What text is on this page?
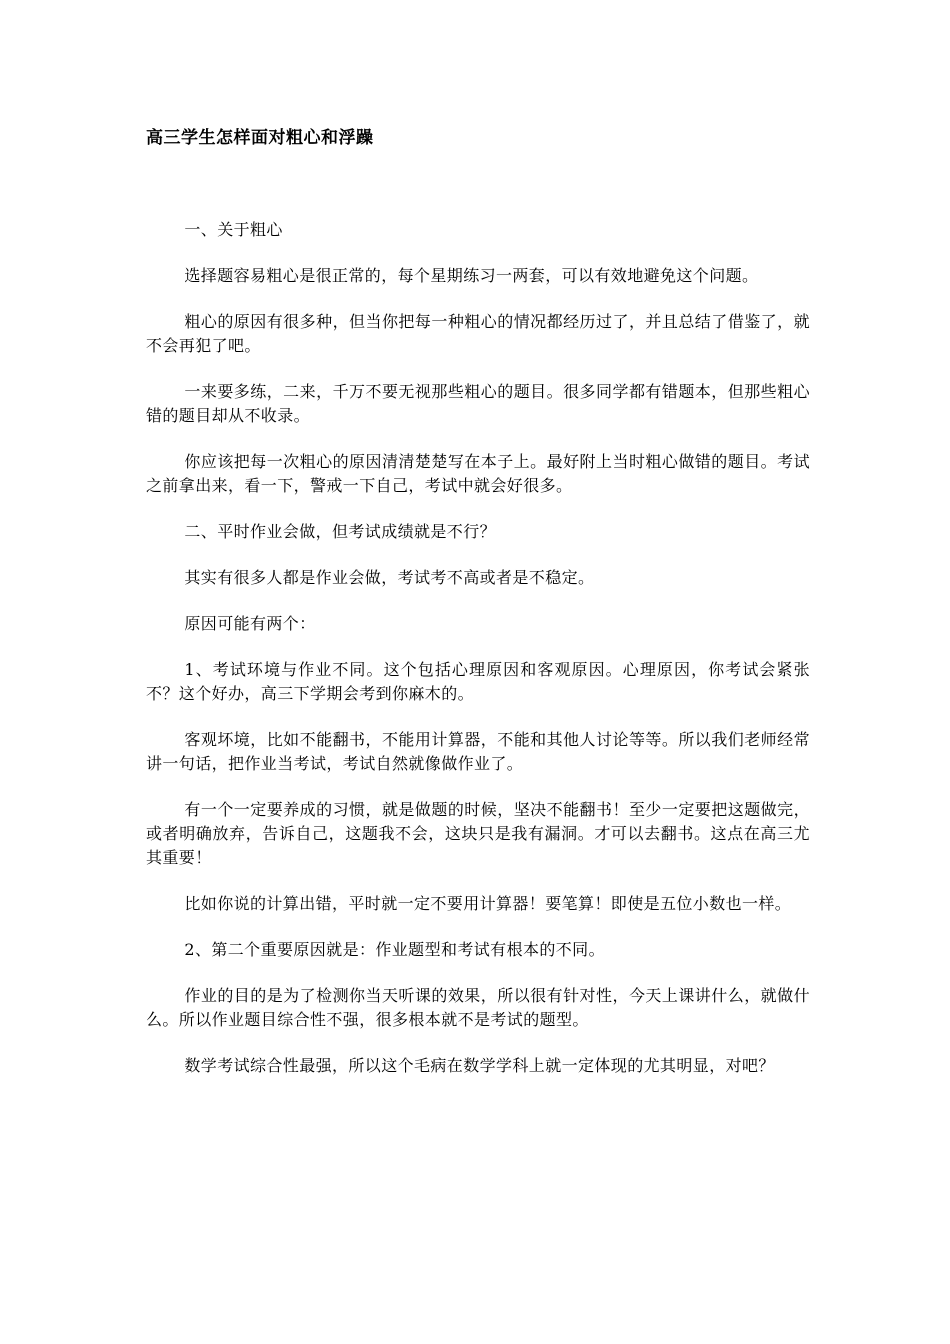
高三学生怎样面对粗心和浮躁

一、关于粗心

选择题容易粗心是很正常的，每个星期练习一两套，可以有效地避免这个问题。

粗心的原因有很多种，但当你把每一种粗心的情况都经历过了，并且总结了借鉴了，就不会再犯了吧。

一来要多练，二来，千万不要无视那些粗心的题目。很多同学都有错题本，但那些粗心错的题目却从不收录。

你应该把每一次粗心的原因清清楚楚写在本子上。最好附上当时粗心做错的题目。考试之前拿出来，看一下，警戒一下自己，考试中就会好很多。

二、平时作业会做，但考试成绩就是不行？

其实有很多人都是作业会做，考试考不高或者是不稳定。

原因可能有两个：

1、考试环境与作业不同。这个包括心理原因和客观原因。心理原因，你考试会紧张不？这个好办，高三下学期会考到你麻木的。

客观坏境，比如不能翻书，不能用计算器，不能和其他人讨论等等。所以我们老师经常讲一句话，把作业当考试，考试自然就像做作业了。

有一个一定要养成的习惯，就是做题的时候，坚决不能翻书！至少一定要把这题做完，或者明确放弃，告诉自己，这题我不会，这块只是我有漏洞。才可以去翻书。这点在高三尤其重要！

比如你说的计算出错，平时就一定不要用计算器！要笔算！即使是五位小数也一样。

2、第二个重要原因就是：作业题型和考试有根本的不同。

作业的目的是为了检测你当天听课的效果，所以很有针对性，今天上课讲什么，就做什么。所以作业题目综合性不强，很多根本就不是考试的题型。

数学考试综合性最强，所以这个毛病在数学学科上就一定体现的尤其明显，对吧？
